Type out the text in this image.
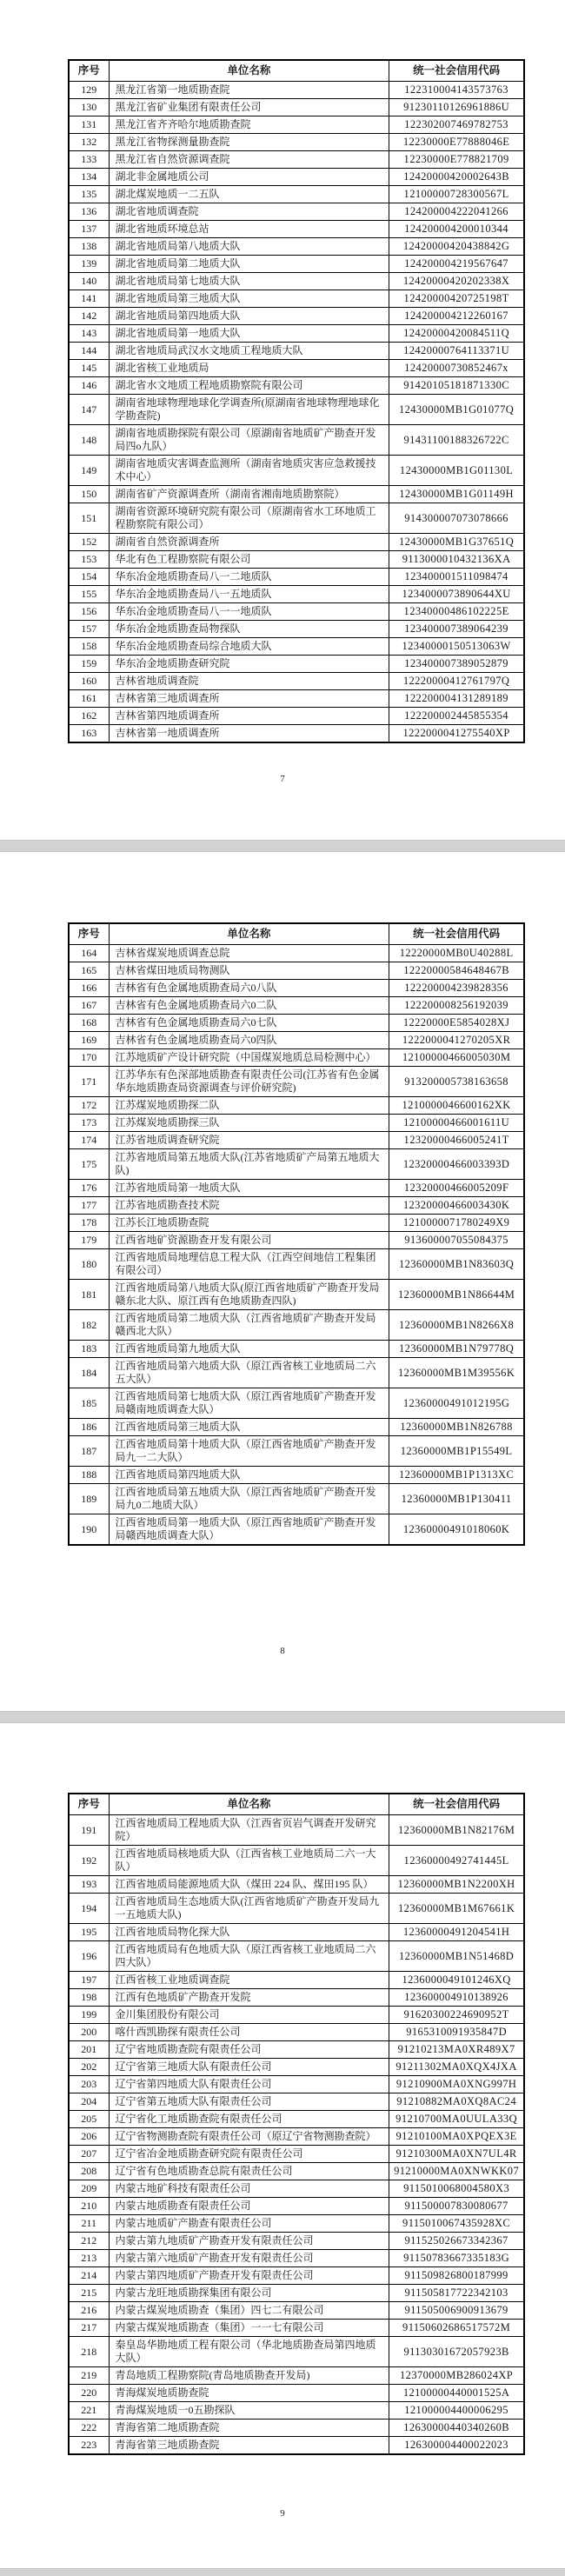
序号	单位名称	统一社会信用代码
129	黑龙江省第一地质勘查院	122310004143573763
130	黑龙江省矿业集团有限责任公司	91230110126961886U
131	黑龙江省齐齐哈尔地质勘查院	122302007469782753
132	黑龙江省物探测量勘查院	12230000E77888046E
133	黑龙江省自然资源调查院	12230000E778821709
134	湖北非金属地质公司	12420000420002643B
135	湖北煤炭地质一二五队	12100000728300567L
136	湖北省地质调查院	124200004222041266
137	湖北省地质环境总站	124200004200010344
138	湖北省地质局第八地质大队	12420000420438842G
139	湖北省地质局第二地质大队	124200004219567647
140	湖北省地质局第七地质大队	12420000420202338X
141	湖北省地质局第三地质大队	12420000420725198T
142	湖北省地质局第四地质大队	124200004212260167
143	湖北省地质局第一地质大队	12420000420084511Q
144	湖北省地质局武汉水文地质工程地质大队	12420000764113371U
145	湖北省核工业地质局	12420000730852467x
146	湖北省水文地质工程地质勘察院有限公司	91420105181871330C
147	湖南省地球物理地球化学调查所(原湖南省地球物理地球化学勘查院)	12430000MB1G01077Q
148	湖南省地质勘探院有限公司（原湖南省地质矿产勘查开发局四o九队）	91431100188326722C
149	湖南省地质灾害调查监测所（湖南省地质灾害应急救援技术中心）	12430000MB1G01130L
150	湖南省矿产资源调查所（湖南省湘南地质勘察院）	12430000MB1G01149H
151	湖南省资源环境研究院有限公司（原湖南省水工环地质工程勘察院有限公司）	914300007073078666
152	湖南省自然资源调查所	12430000MB1G37651Q
153	华北有色工程勘察院有限公司	9113000010432136XA
154	华东冶金地质勘查局八一二地质队	123400001511098474
155	华东冶金地质勘查局八一五地质队	1234000073890644XU
156	华东冶金地质勘查局八一一地质队	12340000486102225E
157	华东冶金地质勘查局物探队	123400007389064239
158	华东冶金地质勘查局综合地质大队	12340000150513063W
159	华东冶金地质勘查研究院	123400007389052879
160	吉林省地质调查院	12220000412761797Q
161	吉林省第三地质调查所	122200004131289189
162	吉林省第四地质调查所	122200002445855354
163	吉林省第一地质调查所	1222000041275540XP
7
序号	单位名称	统一社会信用代码
164	吉林省煤炭地质调查总院	12220000MB0U40288L
165	吉林省煤田地质局物测队	12220000584648467B
166	吉林省有色金属地质勘查局六0八队	122200004239828356
167	吉林省有色金属地质勘查局六0二队	122200008256192039
168	吉林省有色金属地质勘查局六0七队	12220000E5854028XJ
169	吉林省有色金属地质勘查局六0四队	1222000041270205XR
170	江苏地质矿产设计研究院（中国煤炭地质总局检测中心）	12100000466005030M
171	江苏华东有色深部地质勘查有限责任公司(江苏省有色金属华东地质勘查局资源调查与评价研究院)	913200005738163658
172	江苏煤炭地质勘探二队	1210000046600162XK
173	江苏煤炭地质勘探三队	12100000466001611U
174	江苏省地质调查研究院	12320000466005241T
175	江苏省地质局第五地质大队(江苏省地质矿产局第五地质大队)	12320000466003393D
176	江苏省地质局第一地质大队	12320000466005209F
177	江苏省地质勘查技术院	12320000466003430K
178	江苏长江地质勘查院	1210000071780249X9
179	江西省地矿资源勘查开发有限公司	913600007055084375
180	江西省地质局地理信息工程大队（江西空间地信工程集团有限公司）	12360000MB1N83603Q
181	江西省地质局第八地质大队(原江西省地质矿产勘查开发局赣东北大队、原江西有色地质勘查四队)	12360000MB1N86644M
182	江西省地质局第二地质大队（江西省地质矿产勘查开发局赣西北大队）	12360000MB1N8266X8
183	江西省地质局第九地质大队	12360000MB1N79778Q
184	江西省地质局第六地质大队（原江西省核工业地质局二六五大队）	12360000MB1M39556K
185	江西省地质局第七地质大队（原江西省地质矿产勘查开发局赣南地质调查大队）	12360000491012195G
186	江西省地质局第三地质大队	12360000MB1N826788
187	江西省地质局第十地质大队（原江西省地质矿产勘查开发局九一二大队）	12360000MB1P15549L
188	江西省地质局第四地质大队	12360000MB1P1313XC
189	江西省地质局第五地质大队（原江西省地质矿产勘查开发局九0二地质大队）	12360000MB1P130411
190	江西省地质局第一地质大队（原江西省地质矿产勘查开发局赣西地质调查大队）	12360000491018060K
8
序号	单位名称	统一社会信用代码
191	江西省地质局工程地质大队（江西省页岩气调查开发研究院）	12360000MB1N82176M
192	江西省地质局核地质大队（江西省核工业地质局二六一大队）	12360000492741445L
193	江西省地质局能源地质大队（煤田 224 队、煤田195 队）	12360000MB1N2200XH
194	江西省地质局生态地质大队(江西省地质矿产勘查开发局九一五地质大队)	12360000MB1M67661K
195	江西省地质局物化探大队	12360000491204541H
196	江西省地质局有色地质大队（原江西省核工业地质局二六四大队）	12360000MB1N51468D
197	江西省核工业地质调查院	1236000049101246XQ
198	江西有色地质矿产勘查开发院	123600004910138926
199	金川集团股份有限公司	91620300224690952T
200	喀什西凯勘探有限责任公司	9165310091935847D
201	辽宁省地质勘查院有限责任公司	91210213MA0XR489X7
202	辽宁省第三地质大队有限责任公司	91211302MA0XQX4JXA
203	辽宁省第四地质大队有限责任公司	91210900MA0XNG997H
204	辽宁省第五地质大队有限责任公司	91210882MA0XQ8AC24
205	辽宁省化工地质勘查院有限责任公司	91210700MA0UULA33Q
206	辽宁省物测勘查院有限责任公司（原辽宁省物测勘查院）	91210100MA0XPQEX3E
207	辽宁省冶金地质勘查研究院有限责任公司	91210300MA0XN7UL4R
208	辽宁省有色地质勘查总院有限责任公司	91210000MA0XNWKK07
209	内蒙古地矿科技有限责任公司	9115010068004580X3
210	内蒙古地质勘查有限责任公司	911500007830080677
211	内蒙古地质矿产勘查有限责任公司	9115010067435928XC
212	内蒙古第九地质矿产勘查开发有限责任公司	911525026673342367
213	内蒙古第六地质矿产勘查开发有限责任公司	91150783667335183G
214	内蒙古第四地质矿产勘查开发有限责任公司	911509826800187999
215	内蒙古龙旺地质勘探集团有限公司	911505817722342103
216	内蒙古煤炭地质勘查（集团）四七二有限公司	911505006900913679
217	内蒙古煤炭地质勘查（集团）一一七有限公司	91150602686517572M
218	秦皇岛华勘地质工程有限公司（华北地质勘查局第四地质大队）	91130301672057923B
219	青岛地质工程勘察院(青岛地质勘查开发局)	12370000MB286024XP
220	青海煤炭地质勘查院	12100000440001525A
221	青海煤炭地质一0五勘探队	121000004400006295
222	青海省第二地质勘查院	12630000440340260B
223	青海省第三地质勘查院	126300004400022023
9
